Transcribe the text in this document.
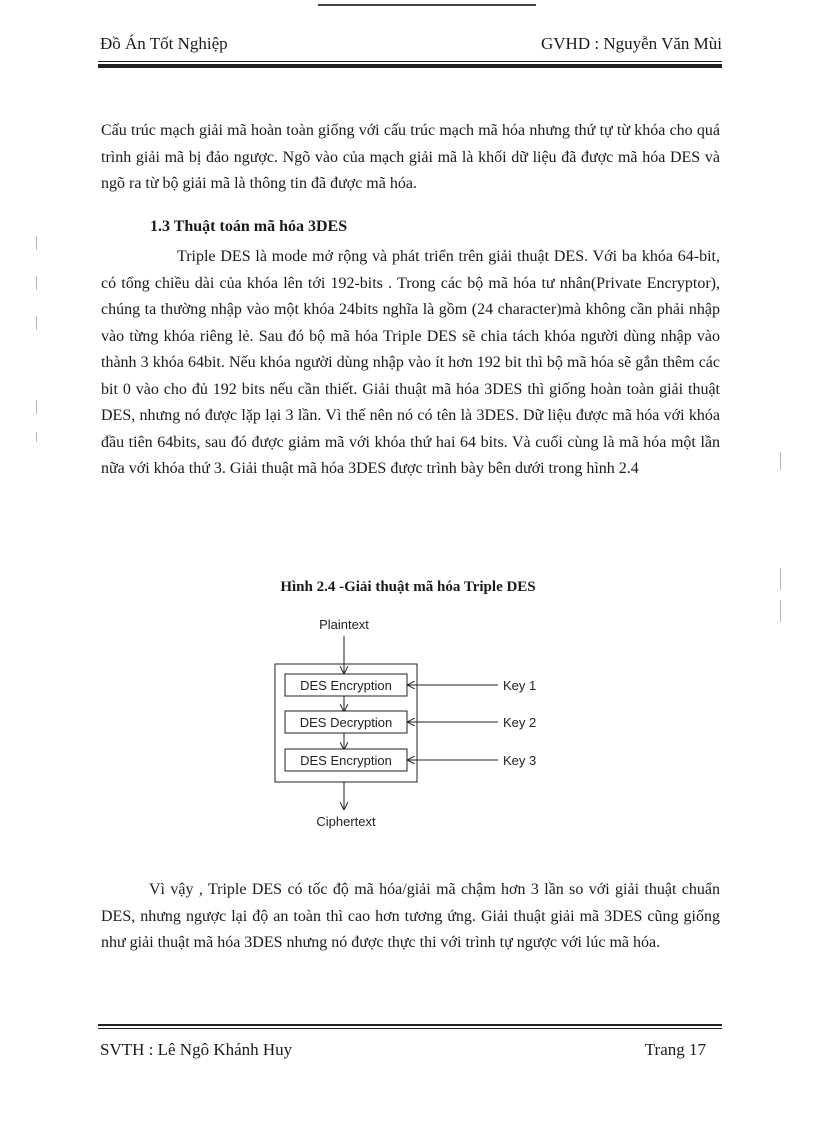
Đồ Án Tốt Nghiệp	GVHD : Nguyễn Văn Mùi
Cấu trúc mạch giải mã hoàn toàn giống với cấu trúc mạch mã hóa nhưng thứ tự từ khóa cho quá trình giải mã bị đảo ngược. Ngõ vào của mạch giải mã là khối dữ liệu đã được mã hóa DES và ngõ ra từ bộ giải mã là thông tin đã được mã hóa.
1.3 Thuật toán mã hóa 3DES
Triple DES là mode mở rộng và phát triển trên giải thuật DES. Với ba khóa 64-bit, có tổng chiều dài của khóa lên tới 192-bits . Trong các bộ mã hóa tư nhân(Private Encryptor), chúng ta thường nhập vào một khóa 24bits nghĩa là gồm (24 character)mà không cần phải nhập vào từng khóa riêng lẻ. Sau đó bộ mã hóa Triple DES sẽ chia tách khóa người dùng nhập vào thành 3 khóa 64bit. Nếu khóa người dùng nhập vào ít hơn 192 bit thì bộ mã hóa sẽ gắn thêm các bit 0 vào cho đủ 192 bits nếu cần thiết. Giải thuật mã hóa 3DES thì giống hoàn toàn giải thuật DES, nhưng nó được lặp lại 3 lần. Vì thế nên nó có tên là 3DES. Dữ liệu được mã hóa với khóa đầu tiên 64bits, sau đó được giảm mã với khóa thứ hai 64 bits. Và cuối cùng là mã hóa một lần nữa với khóa thứ 3. Giải thuật mã hóa 3DES được trình bày bên dưới trong hình 2.4
Hình 2.4 -Giải thuật mã hóa Triple DES
Plaintext
DES Encryption
DES Decryption
DES Encryption
Key 1
Key 2
Key 3
Ciphertext
Vì vậy , Triple DES có tốc độ mã hóa/giải mã chậm hơn 3 lần so với giải thuật chuẩn DES, nhưng ngược lại độ an toàn thì cao hơn tương ứng. Giải thuật giải mã 3DES cũng giống như giải thuật mã hóa 3DES nhưng nó được thực thi với trình tự ngược với lúc mã hóa.
SVTH : Lê Ngô Khánh Huy	Trang 17
